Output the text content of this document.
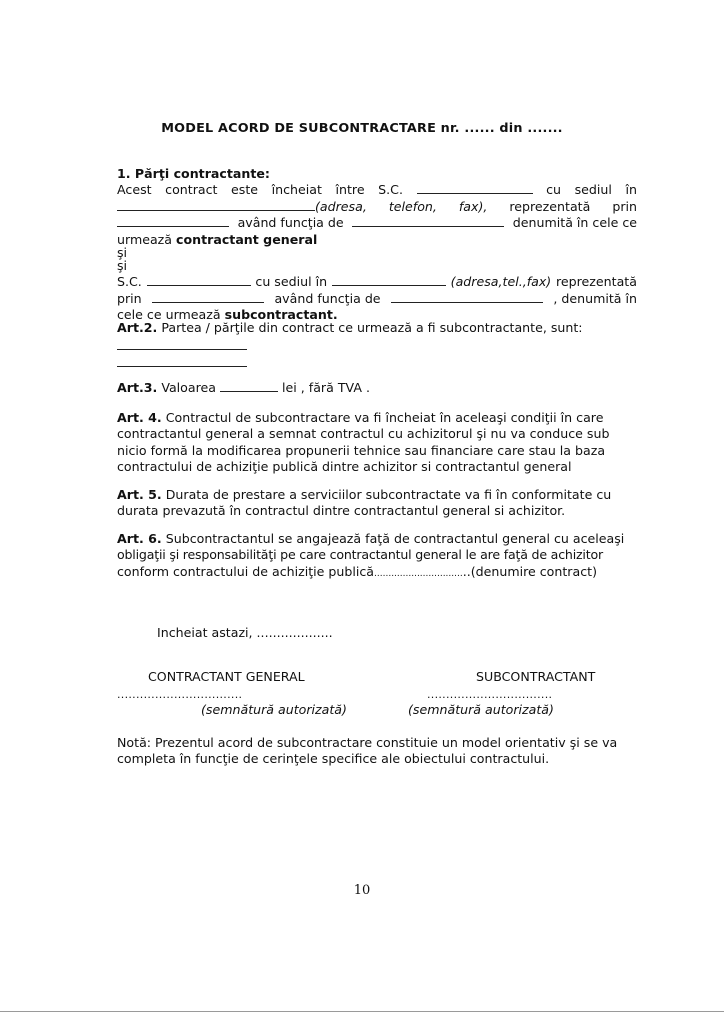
MODEL ACORD DE SUBCONTRACTARE nr. ...... din .......
1. Părţi contractante:
Acest contract este încheiat între S.C.	cu sediul în
(adresa, telefon, fax), reprezentată prin
având funcţia de	denumită în cele ce
urmează contractant general
şi
şi
S.C.	cu sediul în	(adresa,tel.,fax) reprezentată
prin	având funcţia de	, denumită în
cele ce urmează subcontractant.
Art.2. Partea / părţile din contract ce urmează a fi subcontractante, sunt:
Art.3. Valoarea	lei , fără TVA .
Art. 4. Contractul de subcontractare va fi încheiat în aceleaşi condiţii în care
contractantul general a semnat contractul cu achizitorul şi nu va conduce sub
nicio formă la modificarea propunerii tehnice sau financiare care stau la baza
contractului de achiziţie publică dintre achizitor si contractantul general
Art. 5. Durata de prestare a serviciilor subcontractate va fi în conformitate cu
durata prevazută în contractul dintre contractantul general si achizitor.
Art. 6. Subcontractantul se angajează faţă de contractantul general cu aceleaşi
obligaţii şi responsabilităţi pe care contractantul general le are faţă de achizitor
conform contractului de achiziţie publică.................................(denumire contract)
Incheiat astazi, ...................
CONTRACTANT GENERAL
.................................
(semnătură autorizată)
SUBCONTRACTANT
.................................
(semnătură autorizată)
Notă: Prezentul acord de subcontractare constituie un model orientativ şi se va
completa în funcţie de cerinţele specifice ale obiectului contractului.
10
